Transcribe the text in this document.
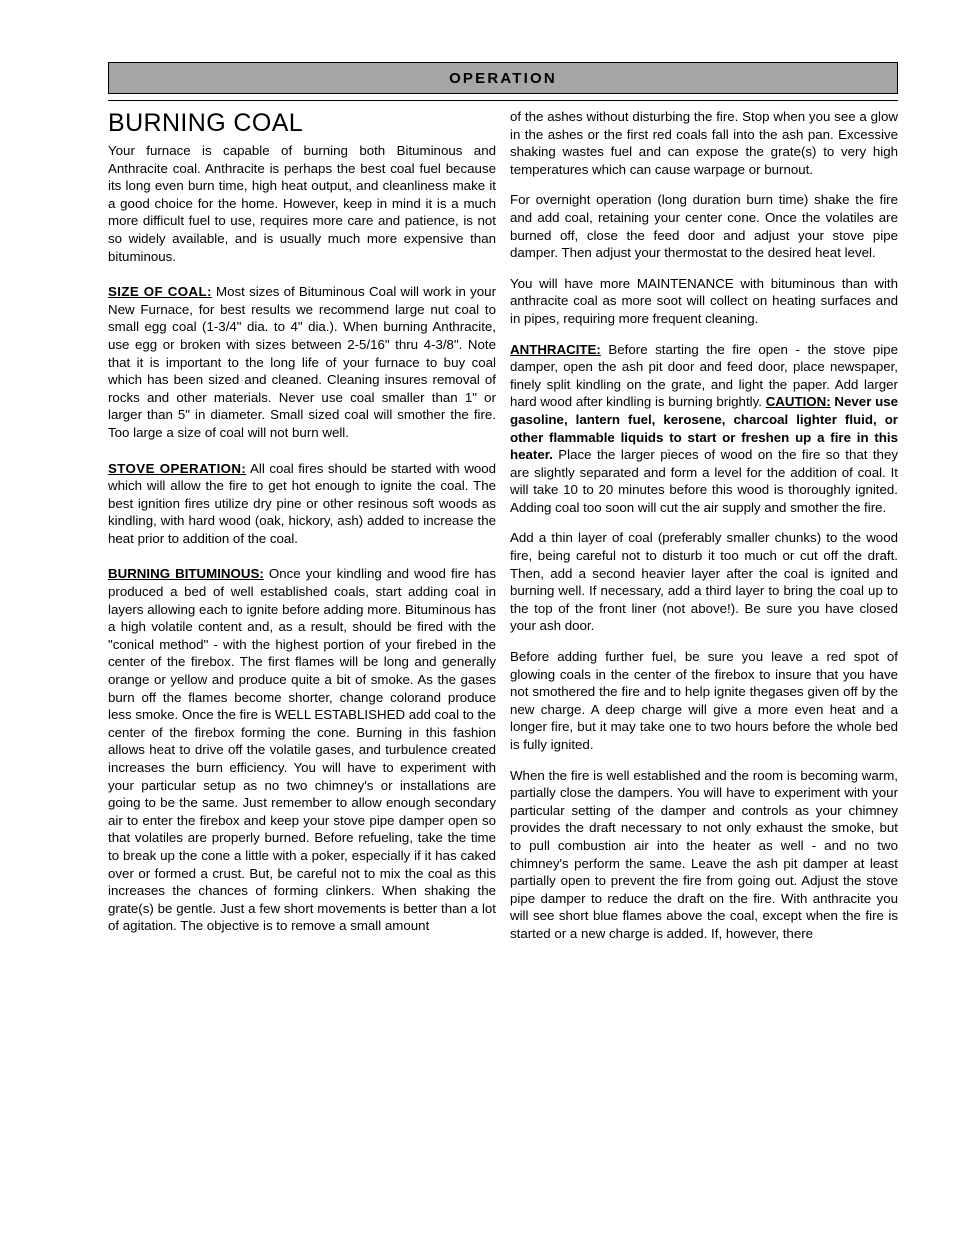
OPERATION
BURNING COAL

Your furnace is capable of burning both Bituminous and Anthracite coal. Anthracite is perhaps the best coal fuel because its long even burn time, high heat output, and cleanliness make it a good choice for the home. However, keep in mind it is a much more difficult fuel to use, requires more care and patience, is not so widely available, and is usually much more expensive than bituminous.

SIZE OF COAL: Most sizes of Bituminous Coal will work in your New Furnace, for best results we recommend large nut coal to small egg coal (1-3/4" dia. to 4" dia.). When burning Anthracite, use egg or broken with sizes between 2-5/16" thru 4-3/8". Note that it is important to the long life of your furnace to buy coal which has been sized and cleaned. Cleaning insures removal of rocks and other materials. Never use coal smaller than 1" or larger than 5" in diameter. Small sized coal will smother the fire. Too large a size of coal will not burn well.

STOVE OPERATION: All coal fires should be started with wood which will allow the fire to get hot enough to ignite the coal. The best ignition fires utilize dry pine or other resinous soft woods as kindling, with hard wood (oak, hickory, ash) added to increase the heat prior to addition of the coal.

BURNING BITUMINOUS: Once your kindling and wood fire has produced a bed of well established coals, start adding coal in layers allowing each to ignite before adding more. Bituminous has a high volatile content and, as a result, should be fired with the "conical method" - with the highest portion of your firebed in the center of the firebox. The first flames will be long and generally orange or yellow and produce quite a bit of smoke. As the gases burn off the flames become shorter, change colorand produce less smoke. Once the fire is WELL ESTABLISHED add coal to the center of the firebox forming the cone. Burning in this fashion allows heat to drive off the volatile gases, and turbulence created increases the burn efficiency. You will have to experiment with your particular setup as no two chimney's or installations are going to be the same. Just remember to allow enough secondary air to enter the firebox and keep your stove pipe damper open so that volatiles are properly burned. Before refueling, take the time to break up the cone a little with a poker, especially if it has caked over or formed a crust. But, be careful not to mix the coal as this increases the chances of forming clinkers. When shaking the grate(s) be gentle. Just a few short movements is better than a lot of agitation. The objective is to remove a small amount

of the ashes without disturbing the fire. Stop when you see a glow in the ashes or the first red coals fall into the ash pan. Excessive shaking wastes fuel and can expose the grate(s) to very high temperatures which can cause warpage or burnout.

For overnight operation (long duration burn time) shake the fire and add coal, retaining your center cone. Once the volatiles are burned off, close the feed door and adjust your stove pipe damper. Then adjust your thermostat to the desired heat level.

You will have more MAINTENANCE with bituminous than with anthracite coal as more soot will collect on heating surfaces and in pipes, requiring more frequent cleaning.

ANTHRACITE: Before starting the fire open - the stove pipe damper, open the ash pit door and feed door, place newspaper, finely split kindling on the grate, and light the paper. Add larger hard wood after kindling is burning brightly. CAUTION: Never use gasoline, lantern fuel, kerosene, charcoal lighter fluid, or other flammable liquids to start or freshen up a fire in this heater. Place the larger pieces of wood on the fire so that they are slightly separated and form a level for the addition of coal. It will take 10 to 20 minutes before this wood is thoroughly ignited. Adding coal too soon will cut the air supply and smother the fire.

Add a thin layer of coal (preferably smaller chunks) to the wood fire, being careful not to disturb it too much or cut off the draft. Then, add a second heavier layer after the coal is ignited and burning well. If necessary, add a third layer to bring the coal up to the top of the front liner (not above!). Be sure you have closed your ash door.

Before adding further fuel, be sure you leave a red spot of glowing coals in the center of the firebox to insure that you have not smothered the fire and to help ignite thegases given off by the new charge. A deep charge will give a more even heat and a longer fire, but it may take one to two hours before the whole bed is fully ignited.

When the fire is well established and the room is becoming warm, partially close the dampers. You will have to experiment with your particular setting of the damper and controls as your chimney provides the draft necessary to not only exhaust the smoke, but to pull combustion air into the heater as well - and no two chimney's perform the same. Leave the ash pit damper at least partially open to prevent the fire from going out. Adjust the stove pipe damper to reduce the draft on the fire. With anthracite you will see short blue flames above the coal, except when the fire is started or a new charge is added. If, however, there
